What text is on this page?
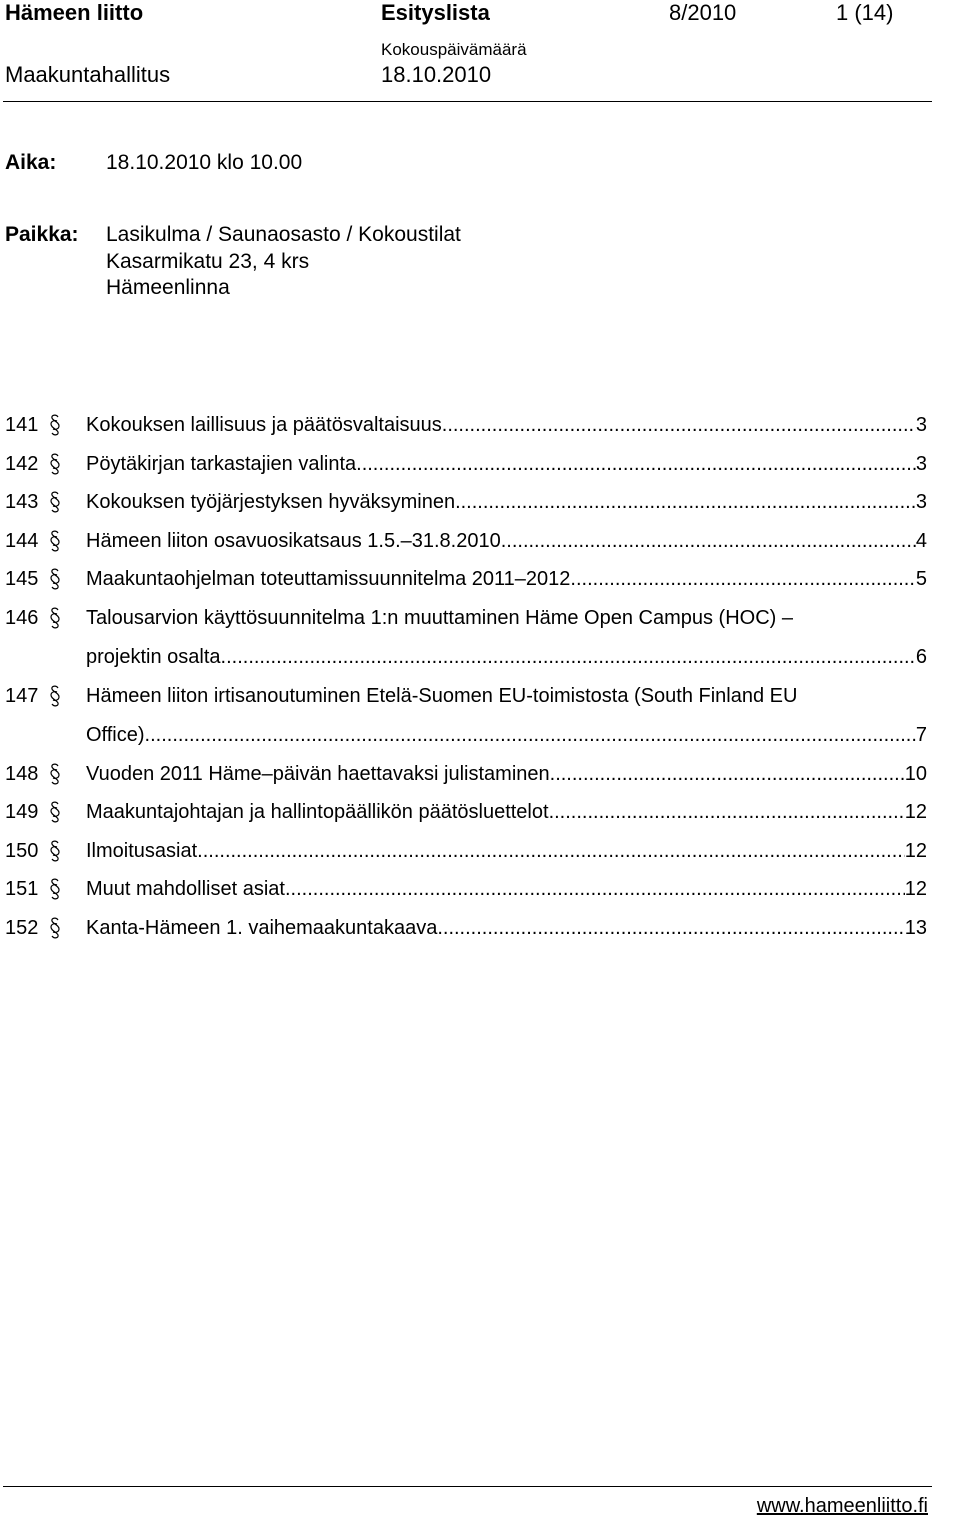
Hämeen liitto	Esityslista	8/2010	1 (14)
Kokouspäivämäärä
Maakuntahallitus	18.10.2010
Aika: 18.10.2010 klo 10.00
Paikka: Lasikulma / Saunaosasto / Kokoustilat
Kasarmikatu 23, 4 krs
Hämeenlinna
141 Kokouksen laillisuus ja päätösvaltaisuus .....	3
142 Pöytäkirjan tarkastajien valinta .....	3
143 Kokouksen työjärjestyksen hyväksyminen .....	3
144 Hämeen liiton osavuosikatsaus 1.5.–31.8.2010 .....	4
145 Maakuntaohjelman toteuttamissuunnitelma 2011–2012 .....	5
146 Talousarvion käyttösuunnitelma 1:n muuttaminen Häme Open Campus (HOC) –
projektin osalta .....	6
147 Hämeen liiton irtisanoutuminen Etelä-Suomen EU-toimistosta (South Finland EU
Office) .....	7
148 Vuoden 2011 Häme–päivän haettavaksi julistaminen .....	10
149 Maakuntajohtajan ja hallintopäällikön päätösluettelot .....	12
150 Ilmoitusasiat .....	12
151 Muut mahdolliset asiat .....	12
152 Kanta-Hämeen 1. vaihemaakuntakaava .....	13
www.hameenliitto.fi
